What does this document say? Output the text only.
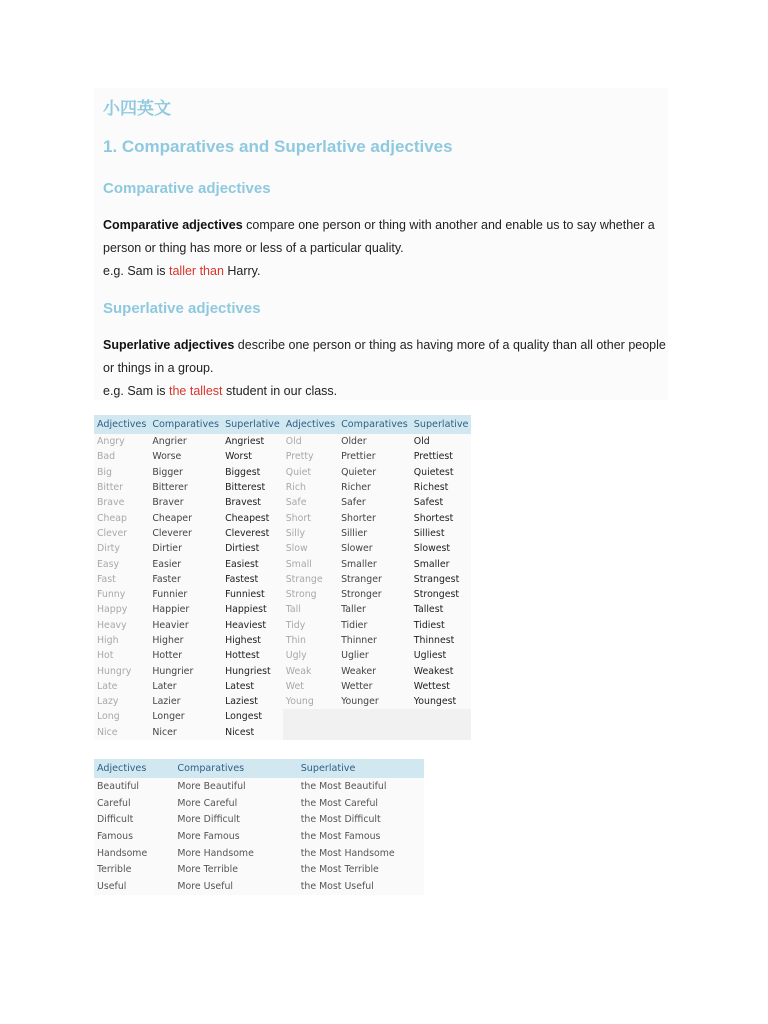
小四英文
1. Comparatives and Superlative adjectives
Comparative adjectives
Comparative adjectives compare one person or thing with another and enable us to say whether a person or thing has more or less of a particular quality.
e.g. Sam is taller than Harry.
Superlative adjectives
Superlative adjectives describe one person or thing as having more of a quality than all other people or things in a group.
e.g. Sam is the tallest student in our class.
Adjectives	Comparatives	Superlative	Adjectives	Comparatives	Superlative
Angry	Angrier	Angriest	Old	Older	Old
Bad	Worse	Worst	Pretty	Prettier	Prettiest
Big	Bigger	Biggest	Quiet	Quieter	Quietest
Bitter	Bitterer	Bitterest	Rich	Richer	Richest
Brave	Braver	Bravest	Safe	Safer	Safest
Cheap	Cheaper	Cheapest	Short	Shorter	Shortest
Clever	Cleverer	Cleverest	Silly	Sillier	Silliest
Dirty	Dirtier	Dirtiest	Slow	Slower	Slowest
Easy	Easier	Easiest	Small	Smaller	Smaller
Fast	Faster	Fastest	Strange	Stranger	Strangest
Funny	Funnier	Funniest	Strong	Stronger	Strongest
Happy	Happier	Happiest	Tall	Taller	Tallest
Heavy	Heavier	Heaviest	Tidy	Tidier	Tidiest
High	Higher	Highest	Thin	Thinner	Thinnest
Hot	Hotter	Hottest	Ugly	Uglier	Ugliest
Hungry	Hungrier	Hungriest	Weak	Weaker	Weakest
Late	Later	Latest	Wet	Wetter	Wettest
Lazy	Lazier	Laziest	Young	Younger	Youngest
Long	Longer	Longest			
Nice	Nicer	Nicest			
Adjectives	Comparatives	Superlative
Beautiful	More Beautiful	the Most Beautiful
Careful	More Careful	the Most Careful
Difficult	More Difficult	the Most Difficult
Famous	More Famous	the Most Famous
Handsome	More Handsome	the Most Handsome
Terrible	More Terrible	the Most Terrible
Useful	More Useful	the Most Useful
